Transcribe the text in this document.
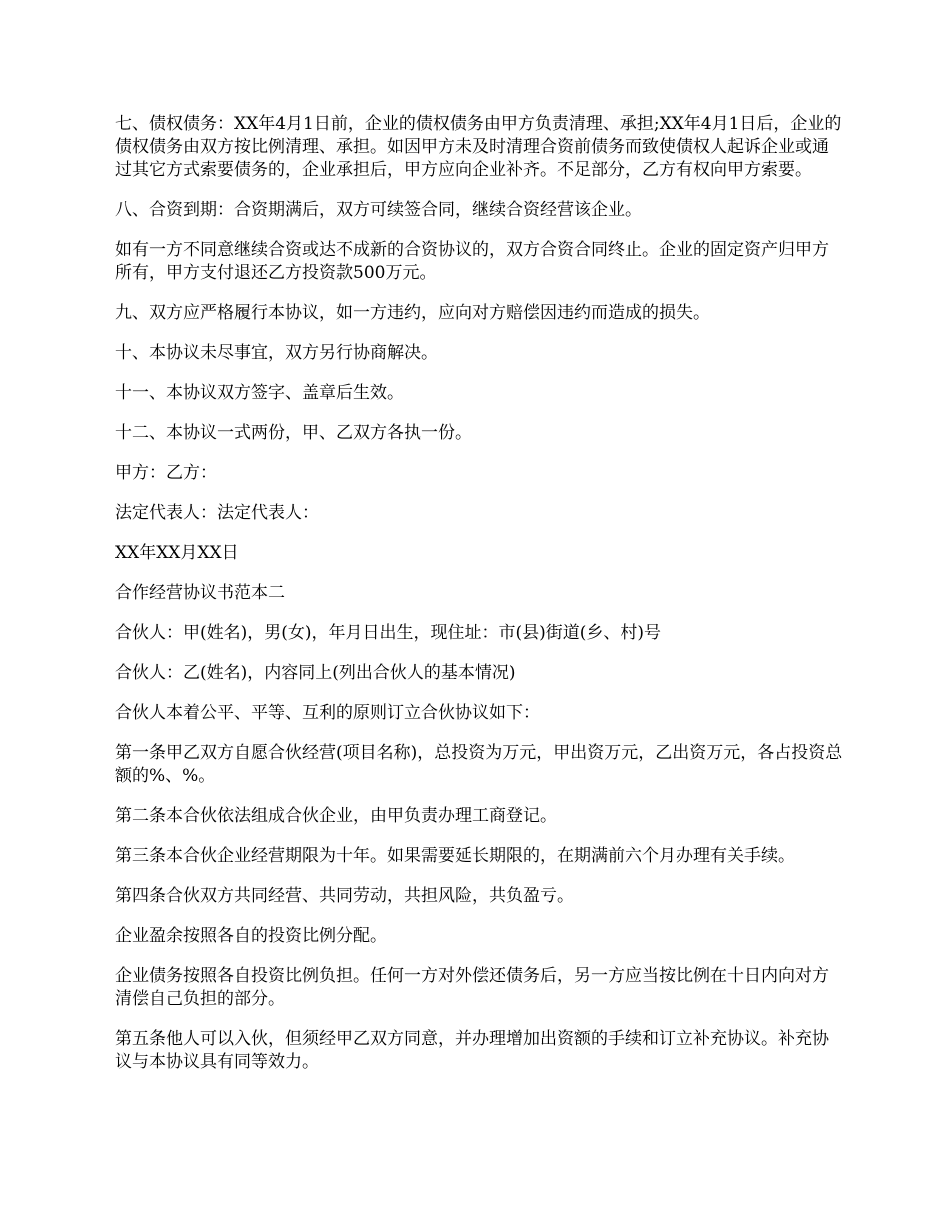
七、债权债务：XX年4月1日前，企业的债权债务由甲方负责清理、承担;XX年4月1日后，企业的债权债务由双方按比例清理、承担。如因甲方未及时清理合资前债务而致使债权人起诉企业或通过其它方式索要债务的，企业承担后，甲方应向企业补齐。不足部分，乙方有权向甲方索要。

八、合资到期：合资期满后，双方可续签合同，继续合资经营该企业。

如有一方不同意继续合资或达不成新的合资协议的，双方合资合同终止。企业的固定资产归甲方所有，甲方支付退还乙方投资款500万元。

九、双方应严格履行本协议，如一方违约，应向对方赔偿因违约而造成的损失。

十、本协议未尽事宜，双方另行协商解决。

十一、本协议双方签字、盖章后生效。

十二、本协议一式两份，甲、乙双方各执一份。

甲方：乙方：

法定代表人：法定代表人：

XX年XX月XX日

合作经营协议书范本二

合伙人：甲(姓名)，男(女)，年月日出生，现住址：市(县)街道(乡、村)号

合伙人：乙(姓名)，内容同上(列出合伙人的基本情况)

合伙人本着公平、平等、互利的原则订立合伙协议如下：

第一条甲乙双方自愿合伙经营(项目名称)，总投资为万元，甲出资万元，乙出资万元，各占投资总额的%、%。

第二条本合伙依法组成合伙企业，由甲负责办理工商登记。

第三条本合伙企业经营期限为十年。如果需要延长期限的，在期满前六个月办理有关手续。

第四条合伙双方共同经营、共同劳动，共担风险，共负盈亏。

企业盈余按照各自的投资比例分配。

企业债务按照各自投资比例负担。任何一方对外偿还债务后，另一方应当按比例在十日内向对方清偿自己负担的部分。

第五条他人可以入伙，但须经甲乙双方同意，并办理增加出资额的手续和订立补充协议。补充协议与本协议具有同等效力。
